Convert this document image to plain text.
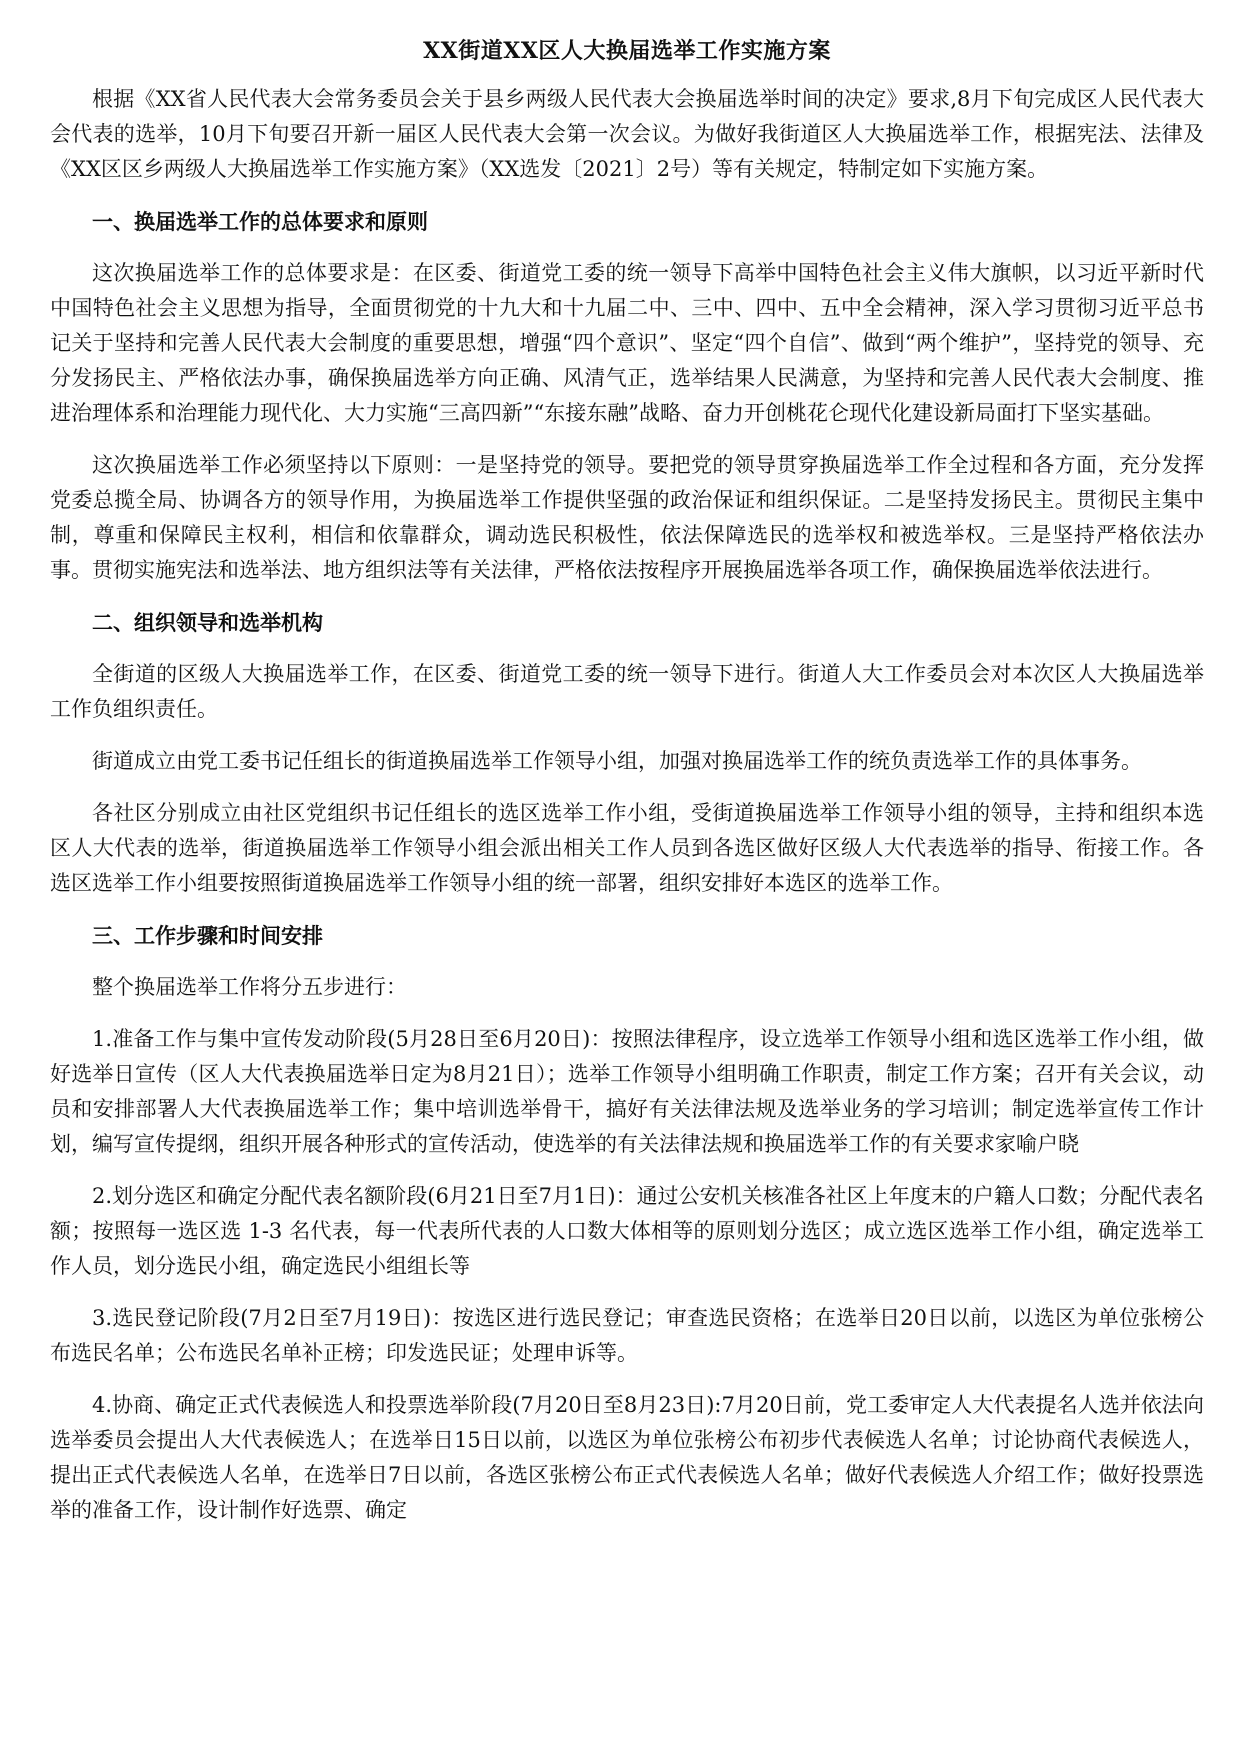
XX街道XX区人大换届选举工作实施方案

根据《XX省人民代表大会常务委员会关于县乡两级人民代表大会换届选举时间的决定》要求,8月下旬完成区人民代表大会代表的选举，10月下旬要召开新一届区人民代表大会第一次会议。为做好我街道区人大换届选举工作，根据宪法、法律及《XX区区乡两级人大换届选举工作实施方案》（XX选发〔2021〕2号）等有关规定，特制定如下实施方案。

一、换届选举工作的总体要求和原则

这次换届选举工作的总体要求是：在区委、街道党工委的统一领导下高举中国特色社会主义伟大旗帜，以习近平新时代中国特色社会主义思想为指导，全面贯彻党的十九大和十九届二中、三中、四中、五中全会精神，深入学习贯彻习近平总书记关于坚持和完善人民代表大会制度的重要思想，增强“四个意识”、坚定“四个自信”、做到“两个维护”，坚持党的领导、充分发扬民主、严格依法办事，确保换届选举方向正确、风清气正，选举结果人民满意，为坚持和完善人民代表大会制度、推进治理体系和治理能力现代化、大力实施“三高四新”“东接东融”战略、奋力开创桃花仑现代化建设新局面打下坚实基础。

这次换届选举工作必须坚持以下原则：一是坚持党的领导。要把党的领导贯穿换届选举工作全过程和各方面，充分发挥党委总揽全局、协调各方的领导作用，为换届选举工作提供坚强的政治保证和组织保证。二是坚持发扬民主。贯彻民主集中制，尊重和保障民主权利，相信和依靠群众，调动选民积极性，依法保障选民的选举权和被选举权。三是坚持严格依法办事。贯彻实施宪法和选举法、地方组织法等有关法律，严格依法按程序开展换届选举各项工作，确保换届选举依法进行。

二、组织领导和选举机构

全街道的区级人大换届选举工作，在区委、街道党工委的统一领导下进行。街道人大工作委员会对本次区人大换届选举工作负组织责任。

街道成立由党工委书记任组长的街道换届选举工作领导小组，加强对换届选举工作的统负责选举工作的具体事务。

各社区分别成立由社区党组织书记任组长的选区选举工作小组，受街道换届选举工作领导小组的领导，主持和组织本选区人大代表的选举，街道换届选举工作领导小组会派出相关工作人员到各选区做好区级人大代表选举的指导、衔接工作。各选区选举工作小组要按照街道换届选举工作领导小组的统一部署，组织安排好本选区的选举工作。

三、工作步骤和时间安排

整个换届选举工作将分五步进行：

1.准备工作与集中宣传发动阶段(5月28日至6月20日)：按照法律程序，设立选举工作领导小组和选区选举工作小组，做好选举日宣传（区人大代表换届选举日定为8月21日）；选举工作领导小组明确工作职责，制定工作方案；召开有关会议，动员和安排部署人大代表换届选举工作；集中培训选举骨干，搞好有关法律法规及选举业务的学习培训；制定选举宣传工作计划，编写宣传提纲，组织开展各种形式的宣传活动，使选举的有关法律法规和换届选举工作的有关要求家喻户晓

2.划分选区和确定分配代表名额阶段(6月21日至7月1日)：通过公安机关核准各社区上年度末的户籍人口数；分配代表名额；按照每一选区选 1-3 名代表，每一代表所代表的人口数大体相等的原则划分选区；成立选区选举工作小组，确定选举工作人员，划分选民小组，确定选民小组组长等

3.选民登记阶段(7月2日至7月19日)：按选区进行选民登记；审查选民资格；在选举日20日以前，以选区为单位张榜公布选民名单；公布选民名单补正榜；印发选民证；处理申诉等。

4.协商、确定正式代表候选人和投票选举阶段(7月20日至8月23日):7月20日前，党工委审定人大代表提名人选并依法向选举委员会提出人大代表候选人；在选举日15日以前，以选区为单位张榜公布初步代表候选人名单；讨论协商代表候选人，提出正式代表候选人名单，在选举日7日以前，各选区张榜公布正式代表候选人名单；做好代表候选人介绍工作；做好投票选举的准备工作，设计制作好选票、确定
